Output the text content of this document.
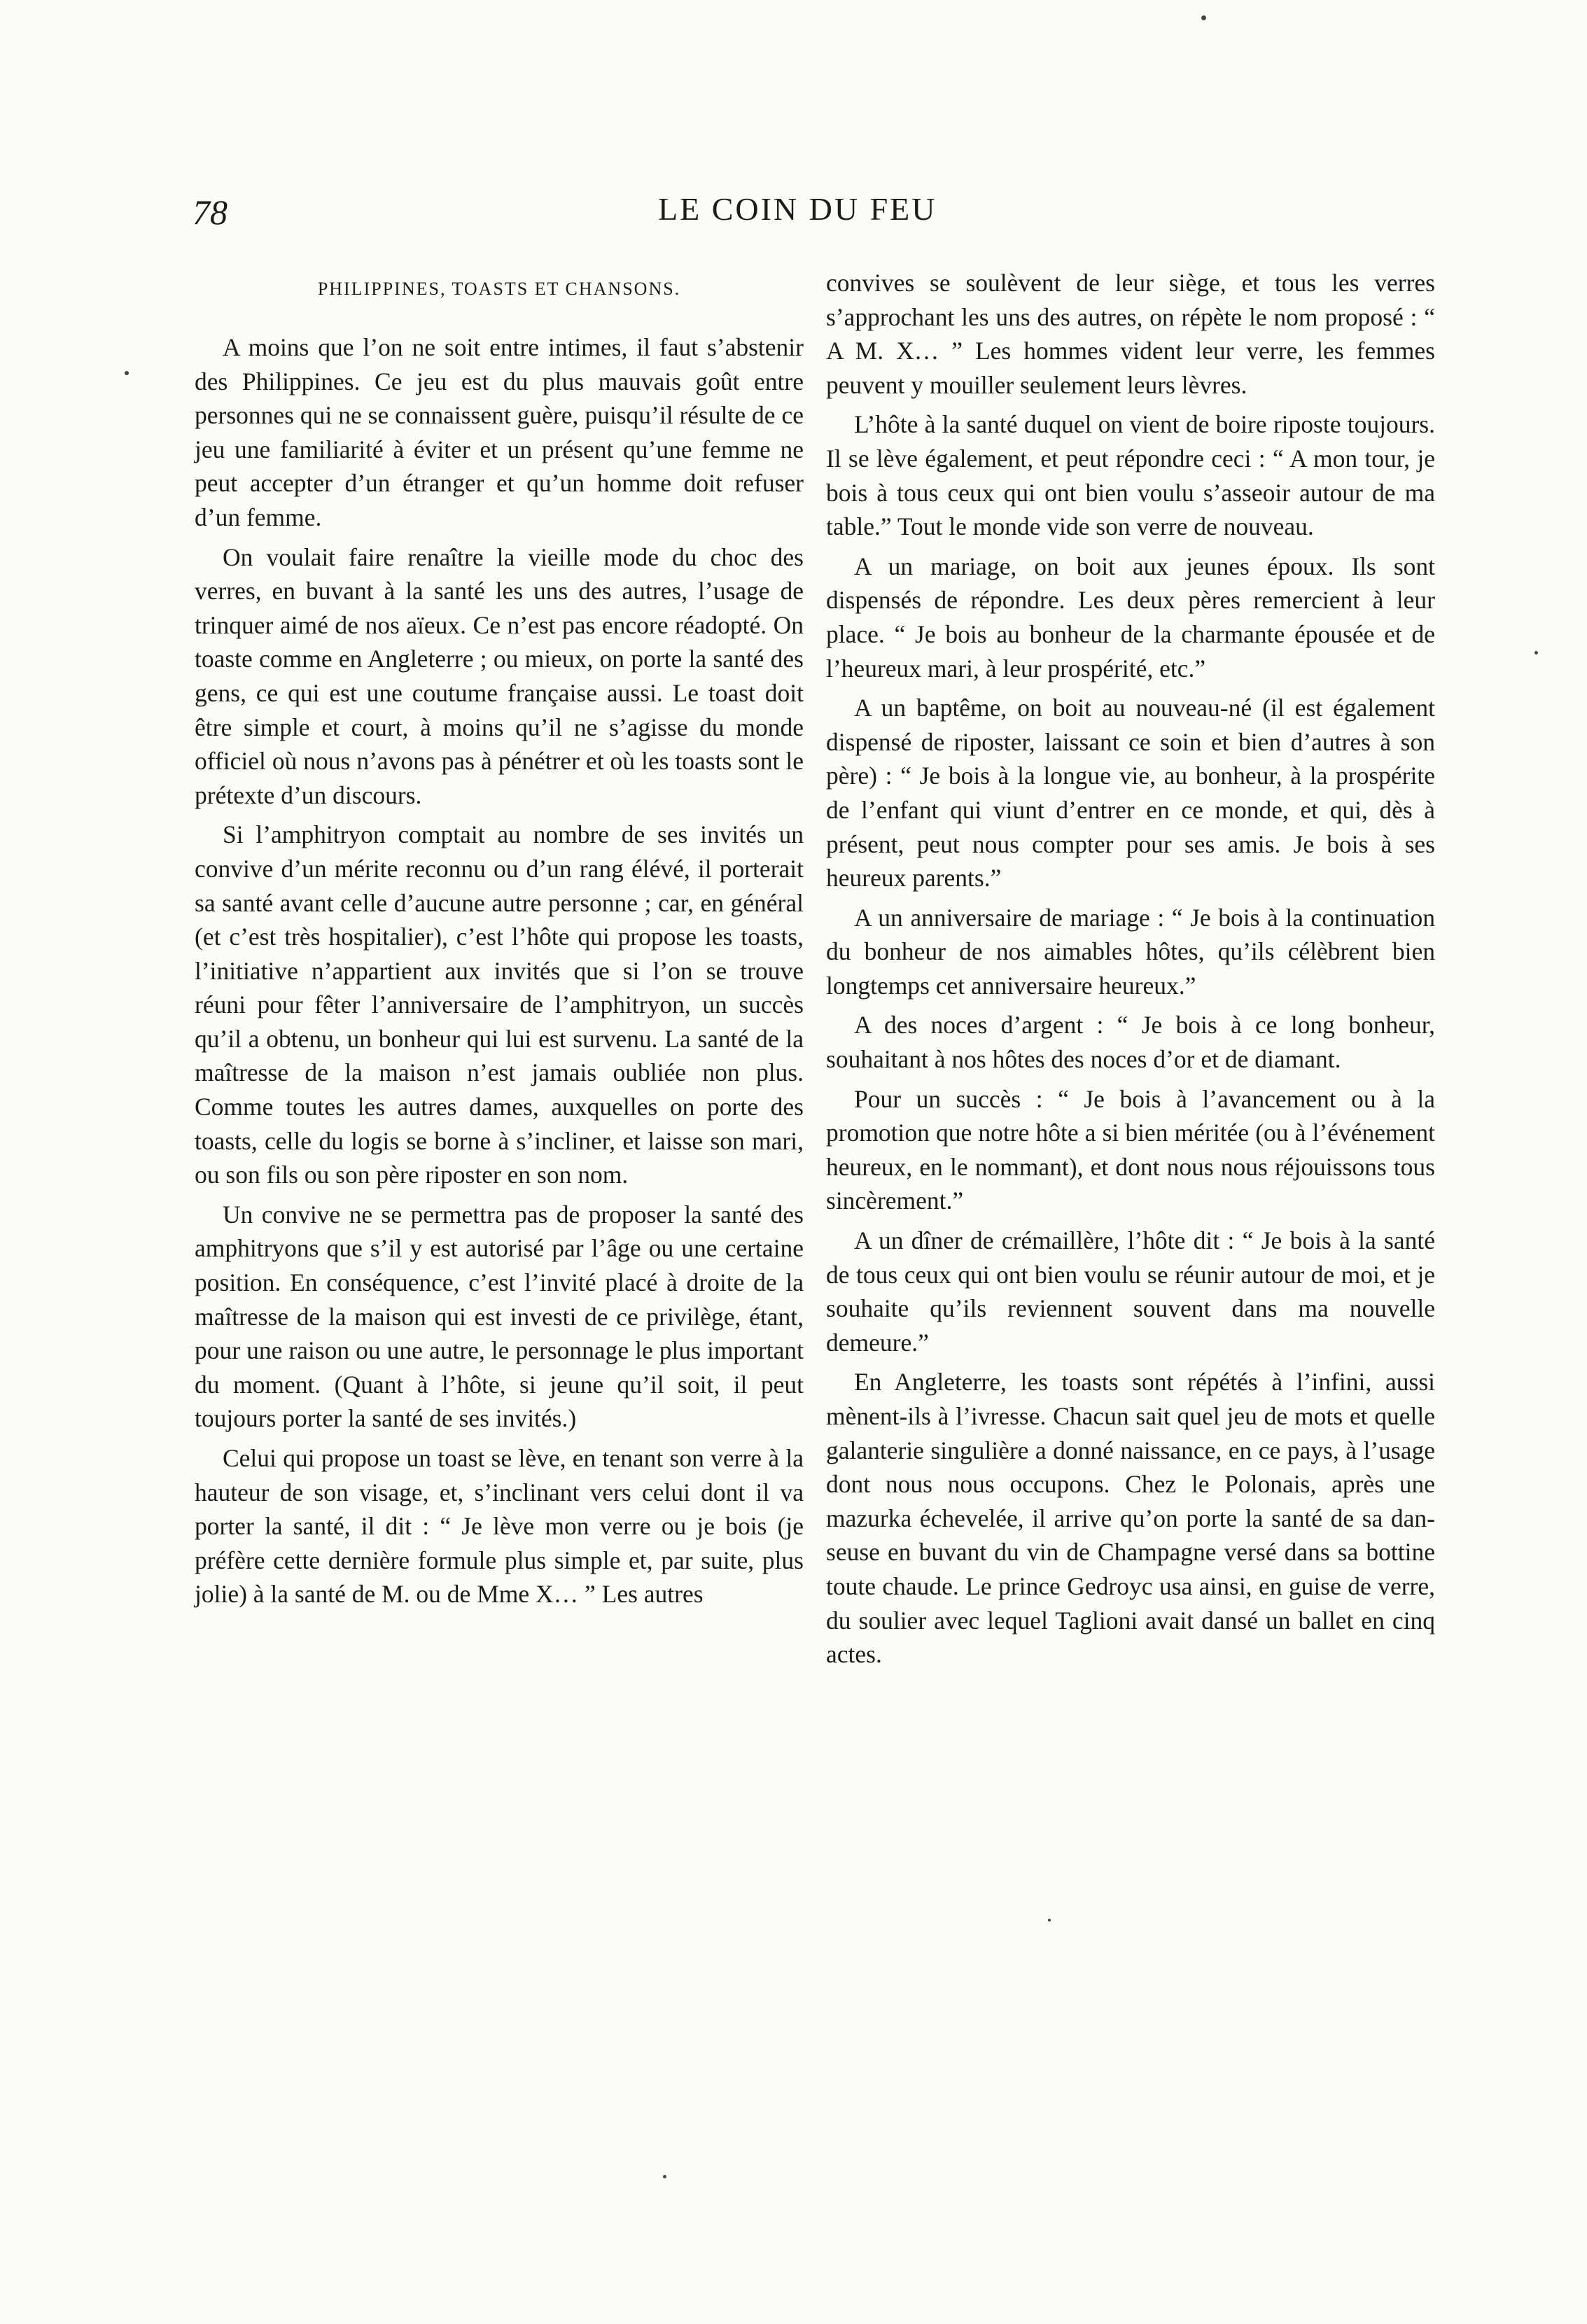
78	LE COIN DU FEU
PHILIPPINES, TOASTS ET CHANSONS.

A moins que l’on ne soit entre intimes, il faut s’abstenir des Philippines. Ce jeu est du plus mauvais goût entre personnes qui ne se connaissent guère, puisqu’il résulte de ce jeu une familiarité à éviter et un présent qu’une femme ne peut accepter d’un étranger et qu’un homme doit refuser d’un femme.

On voulait faire renaître la vieille mode du choc des verres, en buvant à la santé les uns des autres, l’usage de trinquer aimé de nos aïeux. Ce n’est pas encore réadopté. On toaste comme en Angleterre ; ou mieux, on porte la santé des gens, ce qui est une coutume française aussi. Le toast doit être simple et court, à moins qu’il ne s’agisse du monde officiel où nous n’avons pas à pénétrer et où les toasts sont le prétexte d’un discours.

Si l’amphitryon comptait au nombre de ses invités un convive d’un mérite reconnu ou d’un rang élévé, il porterait sa santé avant celle d’aucune autre personne ; car, en général (et c’est très hospitalier), c’est l’hôte qui propose les toasts, l’initiative n’appartient aux invités que si l’on se trouve réuni pour fêter l’anniversaire de l’amphitryon, un succès qu’il a obtenu, un bonheur qui lui est survenu. La santé de la maîtresse de la maison n’est jamais oubliée non plus. Comme toutes les autres dames, auxquelles on porte des toasts, celle du logis se borne à s’incliner, et laisse son mari, ou son fils ou son père riposter en son nom.

Un convive ne se permettra pas de proposer la santé des amphitryons que s’il y est autorisé par l’âge ou une certaine position. En conséquence, c’est l’invité placé à droite de la maîtresse de la maison qui est investi de ce privilège, étant, pour une raison ou une autre, le personnage le plus important du moment. (Quant à l’hôte, si jeune qu’il soit, il peut toujours porter la santé de ses invités.)

Celui qui propose un toast se lève, en tenant son verre à la hauteur de son visage, et, s’inclinant vers celui dont il va porter la santé, il dit : “ Je lève mon verre ou je bois (je préfère cette dernière formule plus simple et, par suite, plus jolie) à la santé de M. ou de Mme X… ” Les autres

convives se soulèvent de leur siège, et tous les verres s’approchant les uns des autres, on répète le nom proposé : “ A M. X… ” Les hommes vident leur verre, les femmes peuvent y mouiller seulement leurs lèvres.

L’hôte à la santé duquel on vient de boire riposte toujours. Il se lève également, et peut répondre ceci : “ A mon tour, je bois à tous ceux qui ont bien voulu s’asseoir autour de ma table.” Tout le monde vide son verre de nouveau.

A un mariage, on boit aux jeunes époux. Ils sont dispensés de répondre. Les deux pères remercient à leur place. “ Je bois au bonheur de la charmante épousée et de l’heureux mari, à leur prospérité, etc.”

A un baptême, on boit au nouveau-né (il est également dispensé de riposter, laissant ce soin et bien d’autres à son père) : “ Je bois à la longue vie, au bonheur, à la prospérite de l’enfant qui viunt d’entrer en ce monde, et qui, dès à présent, peut nous compter pour ses amis. Je bois à ses heureux parents.”

A un anniversaire de mariage : “ Je bois à la continuation du bonheur de nos aimables hôtes, qu’ils célèbrent bien longtemps cet anniversaire heureux.”

A des noces d’argent : “ Je bois à ce long bonheur, souhaitant à nos hôtes des noces d’or et de diamant.

Pour un succès : “ Je bois à l’avancement ou à la promotion que notre hôte a si bien méritée (ou à l’événement heureux, en le nommant), et dont nous nous réjouissons tous sincèrement.”

A un dîner de crémaillère, l’hôte dit : “ Je bois à la santé de tous ceux qui ont bien voulu se réunir autour de moi, et je souhaite qu’ils reviennent souvent dans ma nouvelle demeure.”

En Angleterre, les toasts sont répétés à l’infini, aussi mènent-ils à l’ivresse. Chacun sait quel jeu de mots et quelle galanterie singulière a donné naissance, en ce pays, à l’usage dont nous nous occupons. Chez le Polonais, après une mazurka échevelée, il arrive qu’on porte la santé de sa danseuse en buvant du vin de Champagne versé dans sa bottine toute chaude. Le prince Gedroyc usa ainsi, en guise de verre, du soulier avec lequel Taglioni avait dansé un ballet en cinq actes.
